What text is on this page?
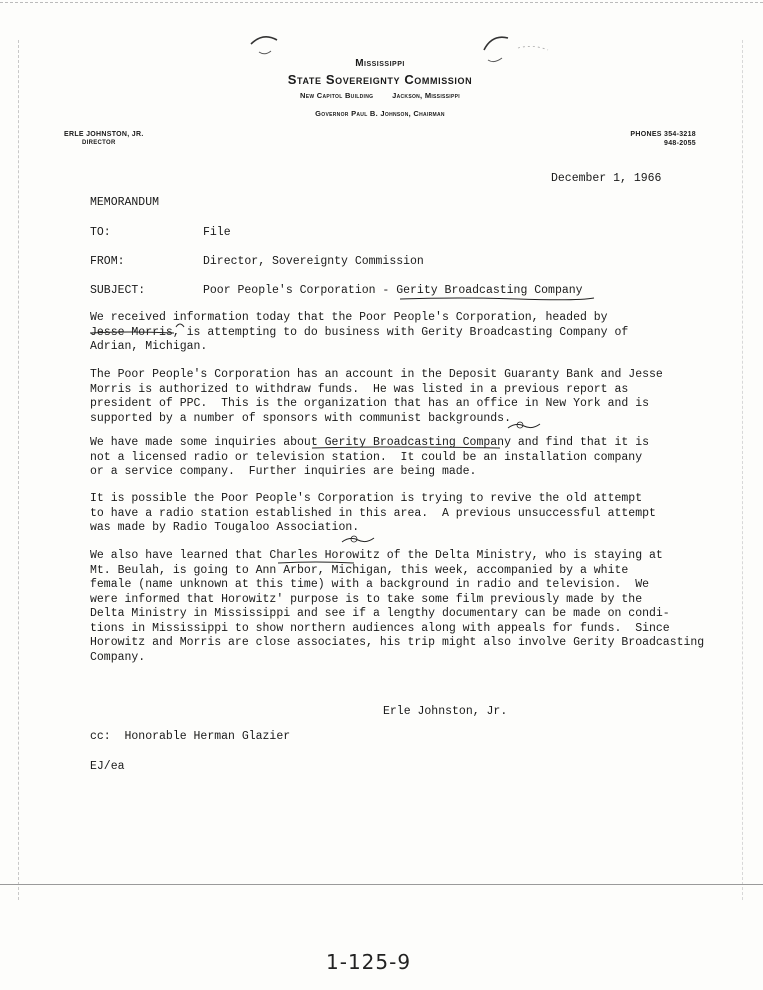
Mississippi
State Sovereignty Commission
New Capitol Building	Jackson, Mississippi
Governor Paul B. Johnson, Chairman
ERLE JOHNSTON, JR.
DIRECTOR
PHONES 354-3218
948-2055
December 1, 1966
MEMORANDUM
TO:	File
FROM:	Director, Sovereignty Commission
SUBJECT:	Poor People's Corporation - Gerity Broadcasting Company
We received information today that the Poor People's Corporation, headed by
Jesse Morris, is attempting to do business with Gerity Broadcasting Company of
Adrian, Michigan.
The Poor People's Corporation has an account in the Deposit Guaranty Bank and Jesse
Morris is authorized to withdraw funds.  He was listed in a previous report as
president of PPC.  This is the organization that has an office in New York and is
supported by a number of sponsors with communist backgrounds.
We have made some inquiries about Gerity Broadcasting Company and find that it is
not a licensed radio or television station.  It could be an installation company
or a service company.  Further inquiries are being made.
It is possible the Poor People's Corporation is trying to revive the old attempt
to have a radio station established in this area.  A previous unsuccessful attempt
was made by Radio Tougaloo Association.
We also have learned that Charles Horowitz of the Delta Ministry, who is staying at
Mt. Beulah, is going to Ann Arbor, Michigan, this week, accompanied by a white
female (name unknown at this time) with a background in radio and television.  We
were informed that Horowitz' purpose is to take some film previously made by the
Delta Ministry in Mississippi and see if a lengthy documentary can be made on condi-
tions in Mississippi to show northern audiences along with appeals for funds.  Since
Horowitz and Morris are close associates, his trip might also involve Gerity Broadcasting
Company.
Erle Johnston, Jr.
cc:  Honorable Herman Glazier
EJ/ea
1-125-9
